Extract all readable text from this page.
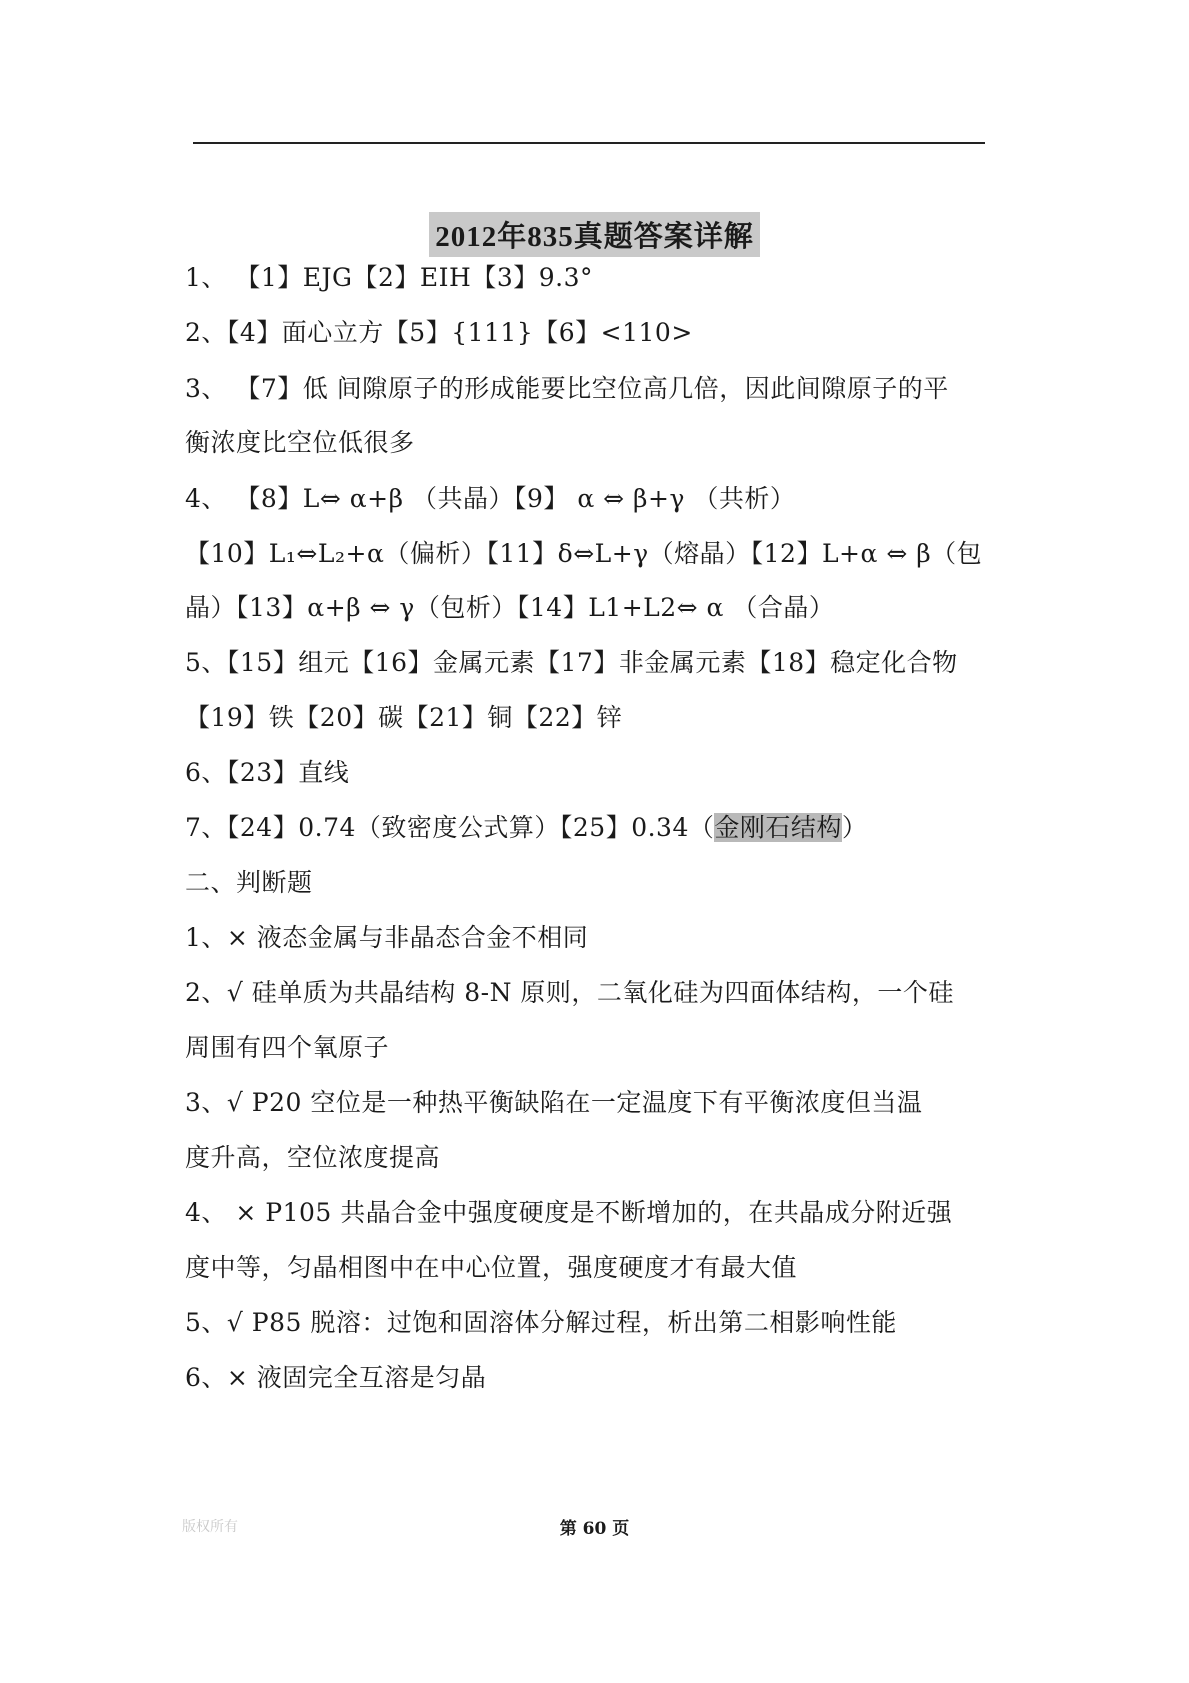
2012年835真题答案详解
1、 【1】EJG【2】EIH【3】9.3°
2、【4】面心立方【5】{111}【6】<110>
3、 【7】低 间隙原子的形成能要比空位高几倍，因此间隙原子的平
衡浓度比空位低很多
4、 【8】L⇔ α+β （共晶）【9】 α ⇔ β+γ （共析）
【10】L₁⇔L₂+α（偏析）【11】δ⇔L+γ（熔晶）【12】L+α ⇔ β（包
晶）【13】α+β ⇔ γ（包析）【14】L1+L2⇔ α （合晶）
5、【15】组元【16】金属元素【17】非金属元素【18】稳定化合物
【19】铁【20】碳【21】铜【22】锌
6、【23】直线
7、【24】0.74（致密度公式算）【25】0.34（金刚石结构）
二、判断题
1、× 液态金属与非晶态合金不相同
2、√ 硅单质为共晶结构 8-N 原则，二氧化硅为四面体结构，一个硅
周围有四个氧原子
3、√ P20 空位是一种热平衡缺陷在一定温度下有平衡浓度但当温
度升高，空位浓度提高
4、 × P105 共晶合金中强度硬度是不断增加的，在共晶成分附近强
度中等，匀晶相图中在中心位置，强度硬度才有最大值
5、√ P85 脱溶：过饱和固溶体分解过程，析出第二相影响性能
6、× 液固完全互溶是匀晶
版权所有	第 60 页
